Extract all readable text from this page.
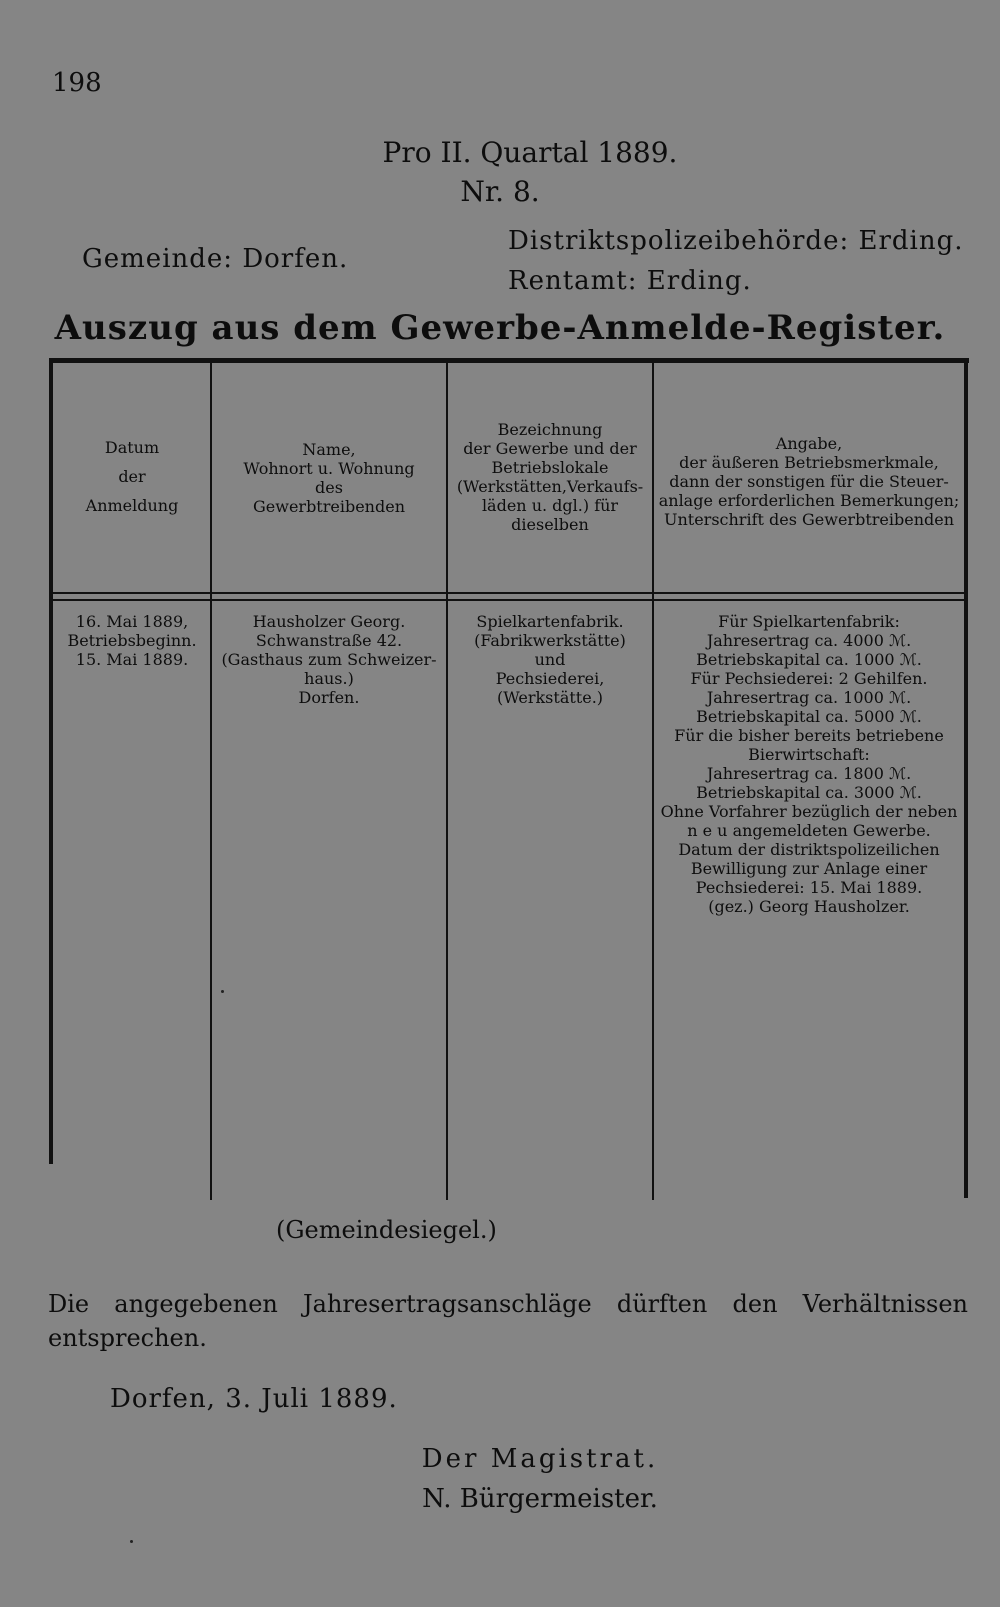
198
Pro II. Quartal 1889.
Nr. 8.
Gemeinde: Dorfen.
Distriktspolizeibehörde: Erding.
Rentamt: Erding.
Auszug aus dem Gewerbe-Anmelde-Register.
Datum
der
Anmeldung
Name,
Wohnort u. Wohnung
des
Gewerbtreibenden
Bezeichnung
der Gewerbe und der
Betriebslokale
(Werkstätten,Verkaufs-
läden u. dgl.) für
dieselben
Angabe,
der äußeren Betriebsmerkmale,
dann der sonstigen für die Steuer-
anlage erforderlichen Bemerkungen;
Unterschrift des Gewerbtreibenden
16. Mai 1889,
Betriebsbeginn.
15. Mai 1889.
Hausholzer Georg.
Schwanstraße 42.
(Gasthaus zum Schweizer-
haus.)
Dorfen.
Spielkartenfabrik.
(Fabrikwerkstätte)
und
Pechsiederei,
(Werkstätte.)
Für Spielkartenfabrik:
Jahresertrag ca. 4000 ℳ.
Betriebskapital ca. 1000 ℳ.
Für Pechsiederei: 2 Gehilfen.
Jahresertrag ca. 1000 ℳ.
Betriebskapital ca. 5000 ℳ.
Für die bisher bereits betriebene
Bierwirtschaft:
Jahresertrag ca. 1800 ℳ.
Betriebskapital ca. 3000 ℳ.
Ohne Vorfahrer bezüglich der neben
n e u angemeldeten Gewerbe.
Datum der distriktspolizeilichen
Bewilligung zur Anlage einer
Pechsiederei: 15. Mai 1889.
(gez.) Georg Hausholzer.
(Gemeindesiegel.)
Die angegebenen Jahresertragsanschläge dürften den Verhältnissen entsprechen.
Dorfen, 3. Juli 1889.
Der Magistrat.
N. Bürgermeister.
